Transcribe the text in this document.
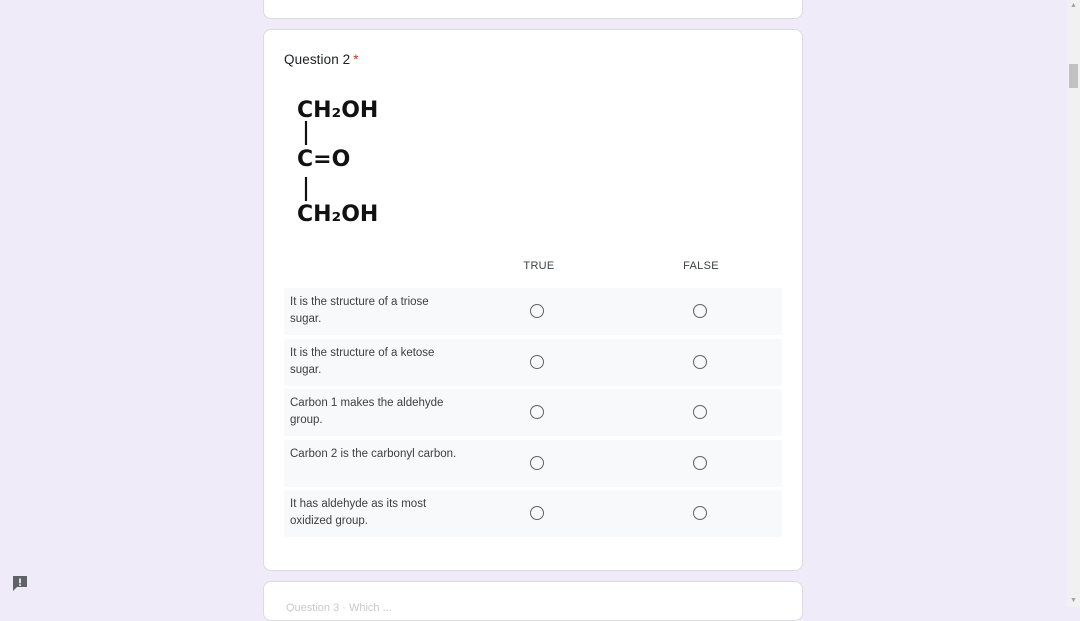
Question 2 *
CH₂OH
C=O
CH₂OH
TRUE	FALSE
It is the structure of a triose sugar.
It is the structure of a ketose sugar.
Carbon 1 makes the aldehyde group.
Carbon 2 is the carbonyl carbon.
It has aldehyde as its most oxidized group.
Question 3 · Which ...
▲
▼
